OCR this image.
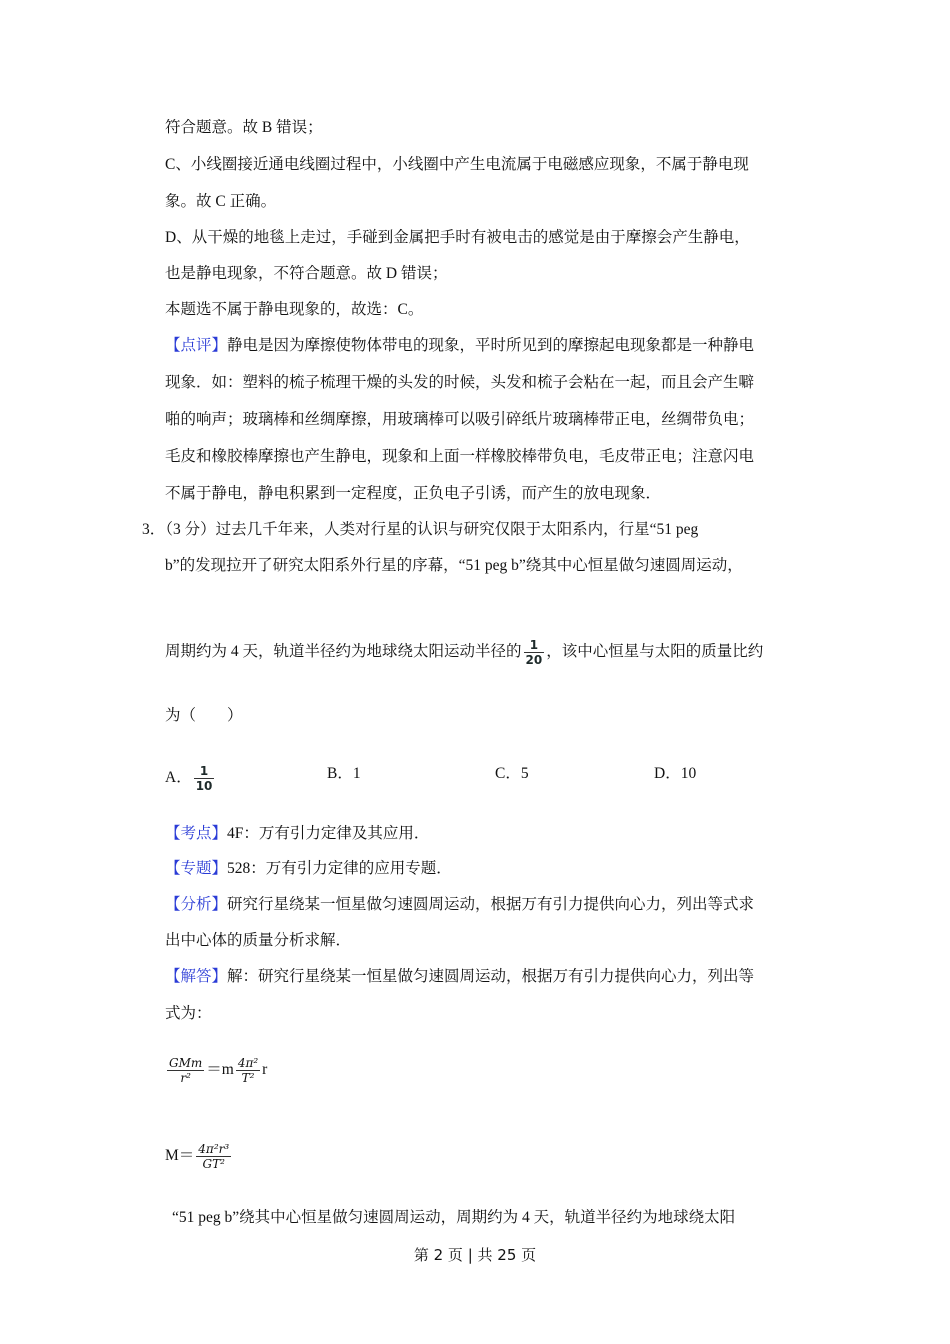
符合题意。故 B 错误；
C、小线圈接近通电线圈过程中，小线圈中产生电流属于电磁感应现象，不属于静电现
象。故 C 正确。
D、从干燥的地毯上走过，手碰到金属把手时有被电击的感觉是由于摩擦会产生静电，
也是静电现象，不符合题意。故 D 错误；
本题选不属于静电现象的，故选：C。
【点评】静电是因为摩擦使物体带电的现象，平时所见到的摩擦起电现象都是一种静电
现象．如：塑料的梳子梳理干燥的头发的时候，头发和梳子会粘在一起，而且会产生噼
啪的响声；玻璃棒和丝绸摩擦，用玻璃棒可以吸引碎纸片玻璃棒带正电，丝绸带负电；
毛皮和橡胶棒摩擦也产生静电，现象和上面一样橡胶棒带负电，毛皮带正电；注意闪电
不属于静电，静电积累到一定程度，正负电子引诱，而产生的放电现象．
3．（3 分）过去几千年来，人类对行星的认识与研究仅限于太阳系内，行星“51 peg
b”的发现拉开了研究太阳系外行星的序幕，“51 peg b”绕其中心恒星做匀速圆周运动，
周期约为 4 天，轨道半径约为地球绕太阳运动半径的 $\frac{1}{20}$ ，该中心恒星与太阳的质量比约
为（　　）
A． $\frac{1}{10}$	B．1	C．5	D．10
【考点】4F：万有引力定律及其应用．
【专题】528：万有引力定律的应用专题．
【分析】研究行星绕某一恒星做匀速圆周运动，根据万有引力提供向心力，列出等式求
出中心体的质量分析求解．
【解答】解：研究行星绕某一恒星做匀速圆周运动，根据万有引力提供向心力，列出等
式为：
$\frac{\text{GMm}}{\text{r²}} =m \frac{\text{4π²}}{\text{T²}}$ r
$M= \frac{\text{4π²r³}}{\text{GT²}}$
“51 peg b”绕其中心恒星做匀速圆周运动，周期约为 4 天，轨道半径约为地球绕太阳
第 2 页 | 共 25 页
